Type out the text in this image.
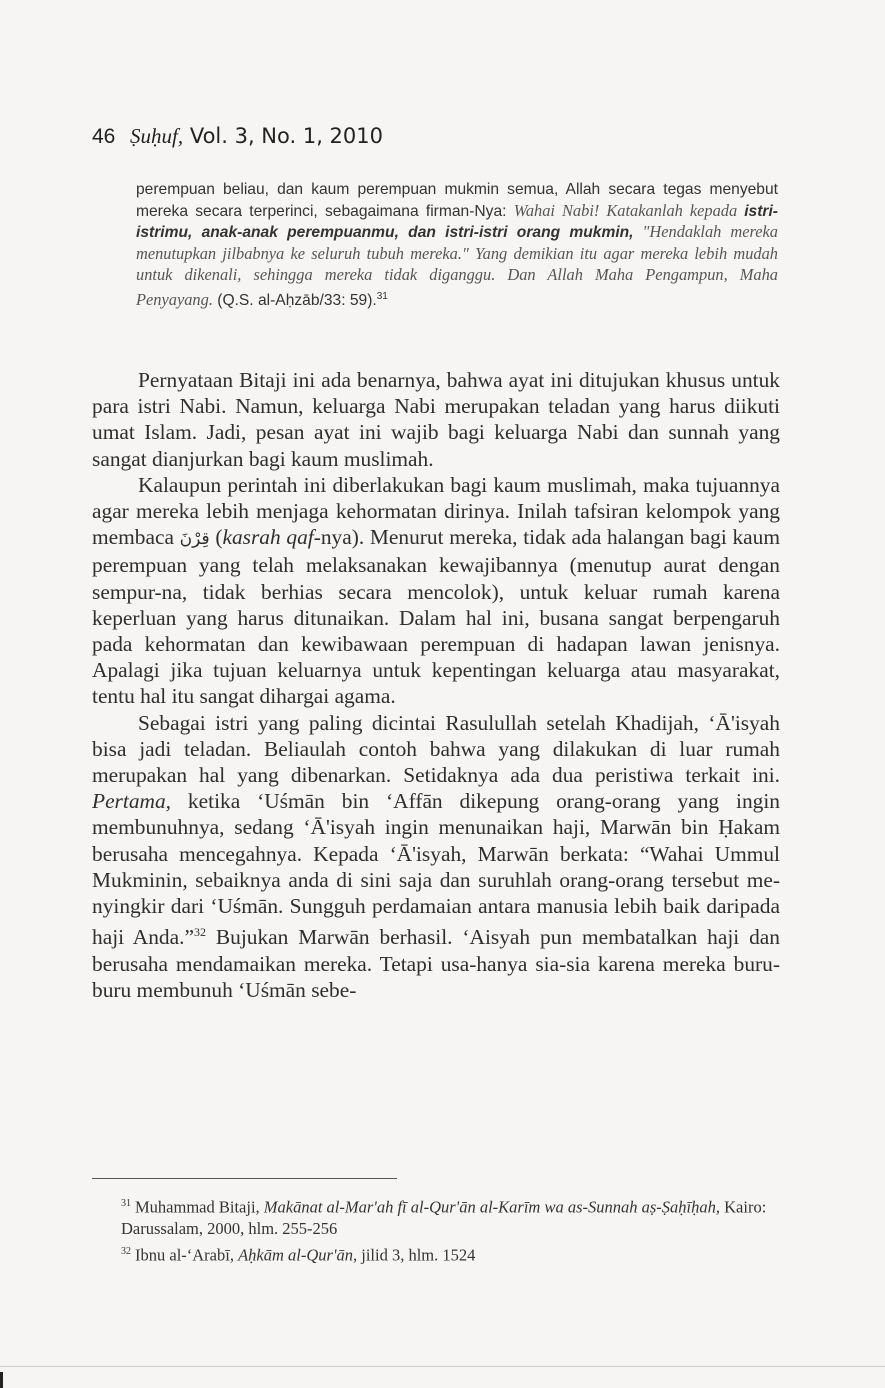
46 Ṣuḥuf, Vol. 3, No. 1, 2010
perempuan beliau, dan kaum perempuan mukmin semua, Allah secara tegas menyebut mereka secara terperinci, sebagaimana firman-Nya: Wahai Nabi! Katakanlah kepada istri-istrimu, anak-anak perempuanmu, dan istri-istri orang mukmin, "Hendaklah mereka menutupkan jilbabnya ke seluruh tubuh mereka." Yang demikian itu agar mereka lebih mudah untuk dikenali, sehingga mereka tidak diganggu. Dan Allah Maha Pengampun, Maha Penyayang. (Q.S. al-Aḥzāb/33: 59).$^{31}$

Pernyataan Bitaji ini ada benarnya, bahwa ayat ini ditujukan khusus untuk para istri Nabi. Namun, keluarga Nabi merupakan teladan yang harus diikuti umat Islam. Jadi, pesan ayat ini wajib bagi keluarga Nabi dan sunnah yang sangat dianjurkan bagi kaum muslimah.

Kalaupun perintah ini diberlakukan bagi kaum muslimah, maka tujuannya agar mereka lebih menjaga kehormatan dirinya. Inilah tafsiran kelompok yang membaca قِرْنَ (kasrah qaf-nya). Menurut mereka, tidak ada halangan bagi kaum perempuan yang telah melaksanakan kewajibannya (menutup aurat dengan sempur-na, tidak berhias secara mencolok), untuk keluar rumah karena keperluan yang harus ditunaikan. Dalam hal ini, busana sangat berpengaruh pada kehormatan dan kewibawaan perempuan di hadapan lawan jenisnya. Apalagi jika tujuan keluarnya untuk kepentingan keluarga atau masyarakat, tentu hal itu sangat dihargai agama.

Sebagai istri yang paling dicintai Rasulullah setelah Khadijah, ‘Ā'isyah bisa jadi teladan. Beliaulah contoh bahwa yang dilakukan di luar rumah merupakan hal yang dibenarkan. Setidaknya ada dua peristiwa terkait ini. Pertama, ketika ‘Uśmān bin ‘Affān dikepung orang-orang yang ingin membunuhnya, sedang ‘Ā'isyah ingin menunaikan haji, Marwān bin Ḥakam berusaha mencegahnya. Kepada ‘Ā'isyah, Marwān berkata: “Wahai Ummul Mukminin, sebaiknya anda di sini saja dan suruhlah orang-orang tersebut me-nyingkir dari ‘Uśmān. Sungguh perdamaian antara manusia lebih baik daripada haji Anda.”$^{32}$ Bujukan Marwān berhasil. ‘Aisyah pun membatalkan haji dan berusaha mendamaikan mereka. Tetapi usa-hanya sia-sia karena mereka buru-buru membunuh ‘Uśmān sebe-

$^{31}$ Muhammad Bitaji, Makānat al-Mar'ah fī al-Qur'ān al-Karīm wa as-Sunnah aṣ-Ṣaḥīḥah, Kairo: Darussalam, 2000, hlm. 255-256

$^{32}$ Ibnu al-‘Arabī, Aḥkām al-Qur'ān, jilid 3, hlm. 1524
